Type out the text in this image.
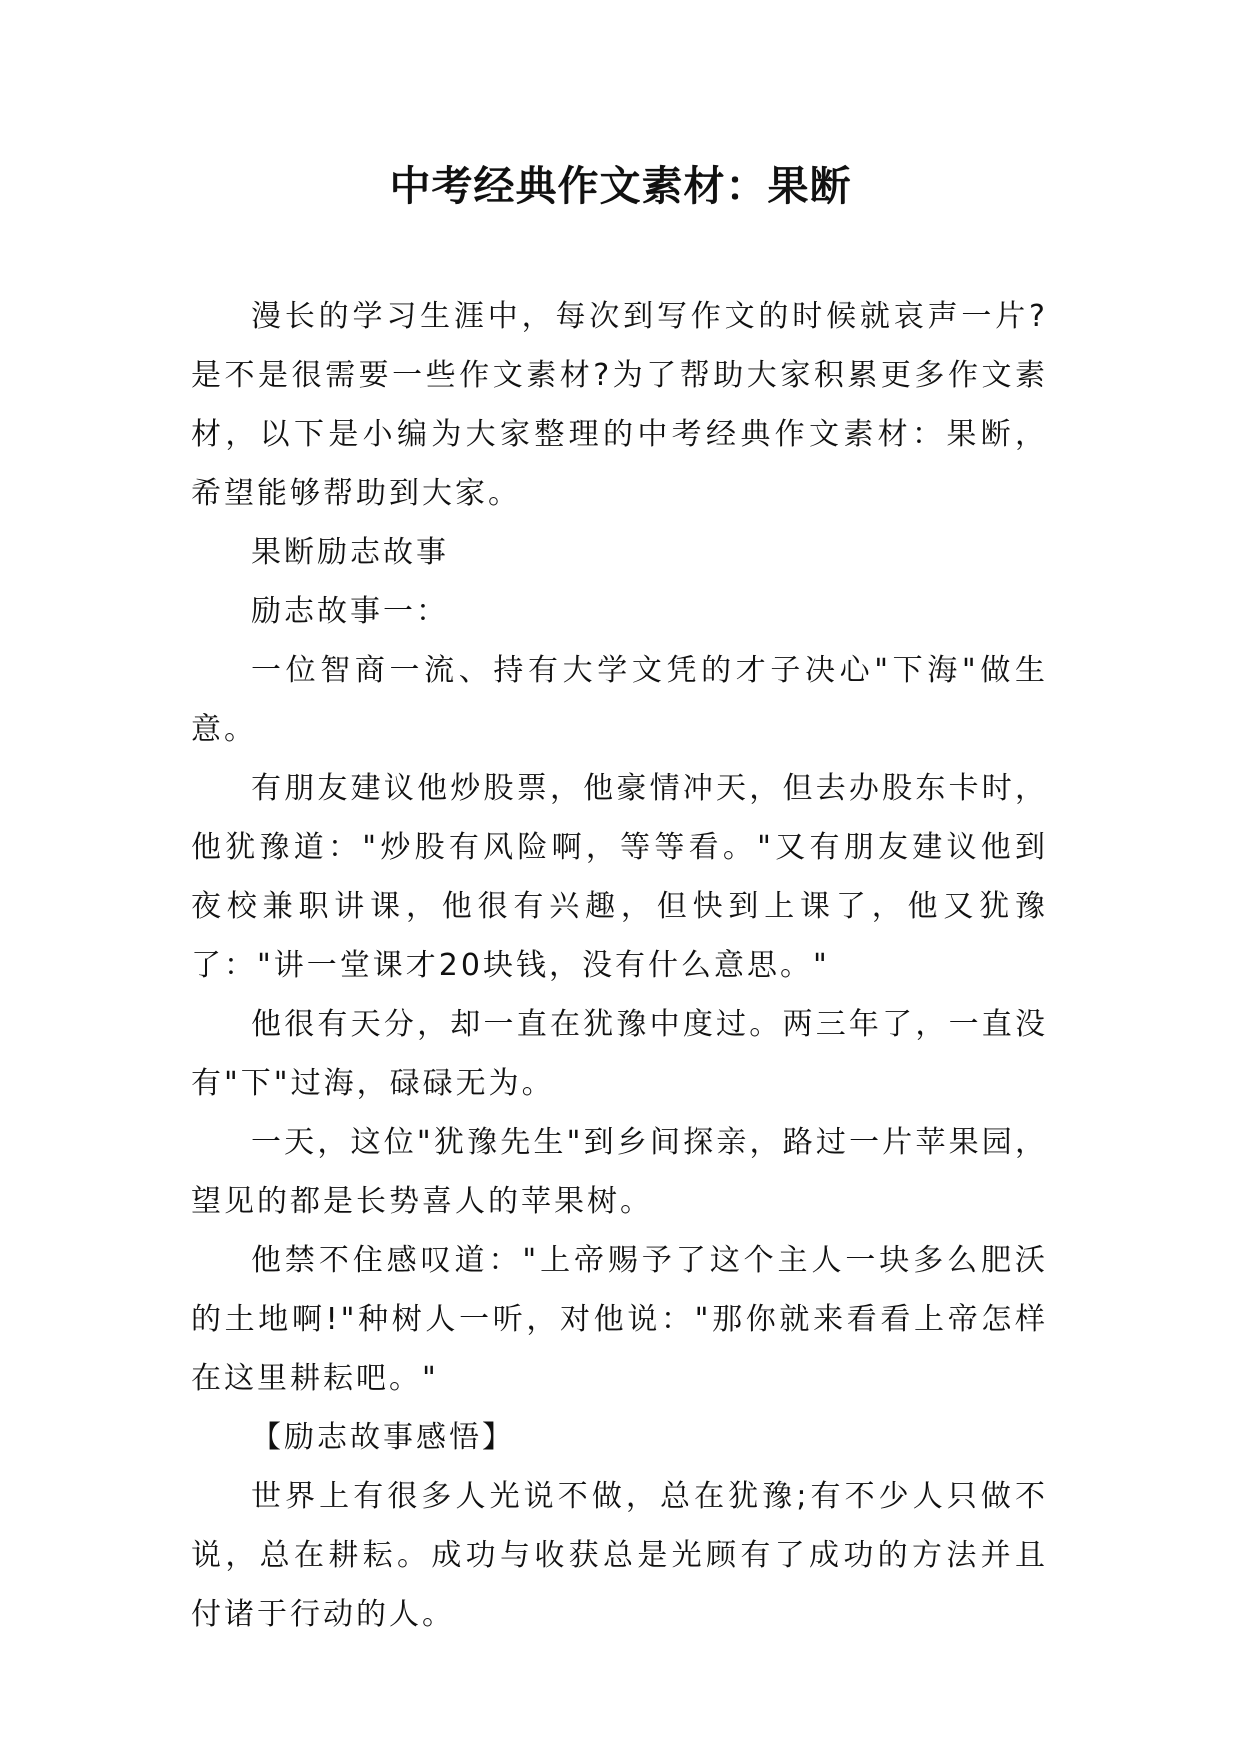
中考经典作文素材：果断

漫长的学习生涯中，每次到写作文的时候就哀声一片?是不是很需要一些作文素材?为了帮助大家积累更多作文素材，以下是小编为大家整理的中考经典作文素材：果断，希望能够帮助到大家。

果断励志故事

励志故事一：

一位智商一流、持有大学文凭的才子决心"下海"做生意。

有朋友建议他炒股票，他豪情冲天，但去办股东卡时，他犹豫道："炒股有风险啊，等等看。"又有朋友建议他到夜校兼职讲课，他很有兴趣，但快到上课了，他又犹豫了："讲一堂课才20块钱，没有什么意思。"

他很有天分，却一直在犹豫中度过。两三年了，一直没有"下"过海，碌碌无为。

一天，这位"犹豫先生"到乡间探亲，路过一片苹果园，望见的都是长势喜人的苹果树。

他禁不住感叹道："上帝赐予了这个主人一块多么肥沃的土地啊!"种树人一听，对他说："那你就来看看上帝怎样在这里耕耘吧。"

【励志故事感悟】

世界上有很多人光说不做，总在犹豫;有不少人只做不说，总在耕耘。成功与收获总是光顾有了成功的方法并且付诸于行动的人。
